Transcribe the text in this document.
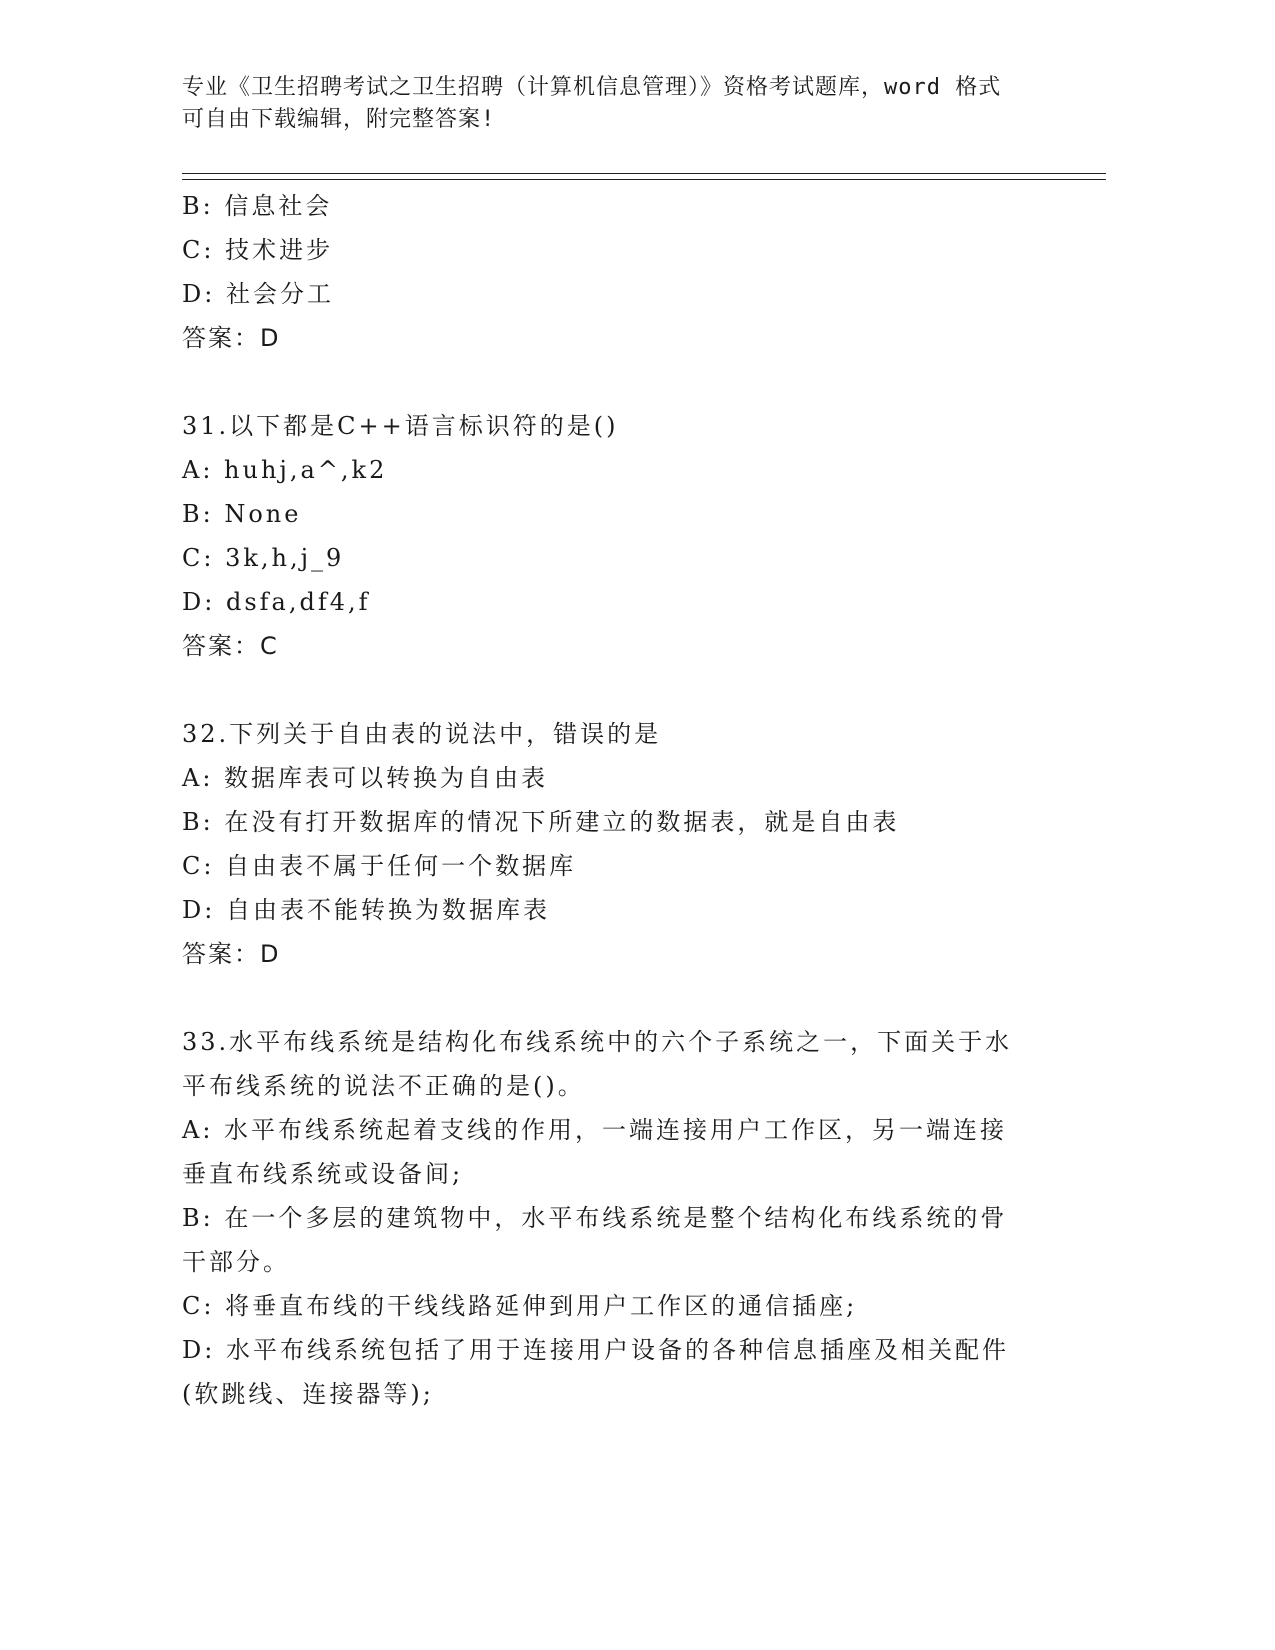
专业《卫生招聘考试之卫生招聘（计算机信息管理）》资格考试题库，word 格式
可自由下载编辑，附完整答案!
B: 信息社会
C: 技术进步
D: 社会分工
答案：D
31.以下都是C++语言标识符的是()
A: huhj,a^,k2
B: None
C: 3k,h,j_9
D: dsfa,df4,f
答案：C
32.下列关于自由表的说法中，错误的是
A: 数据库表可以转换为自由表
B: 在没有打开数据库的情况下所建立的数据表，就是自由表
C: 自由表不属于任何一个数据库
D: 自由表不能转换为数据库表
答案：D
33.水平布线系统是结构化布线系统中的六个子系统之一，下面关于水
平布线系统的说法不正确的是()。
A: 水平布线系统起着支线的作用，一端连接用户工作区，另一端连接
垂直布线系统或设备间;
B: 在一个多层的建筑物中，水平布线系统是整个结构化布线系统的骨
干部分。
C: 将垂直布线的干线线路延伸到用户工作区的通信插座;
D: 水平布线系统包括了用于连接用户设备的各种信息插座及相关配件
(软跳线、连接器等);
